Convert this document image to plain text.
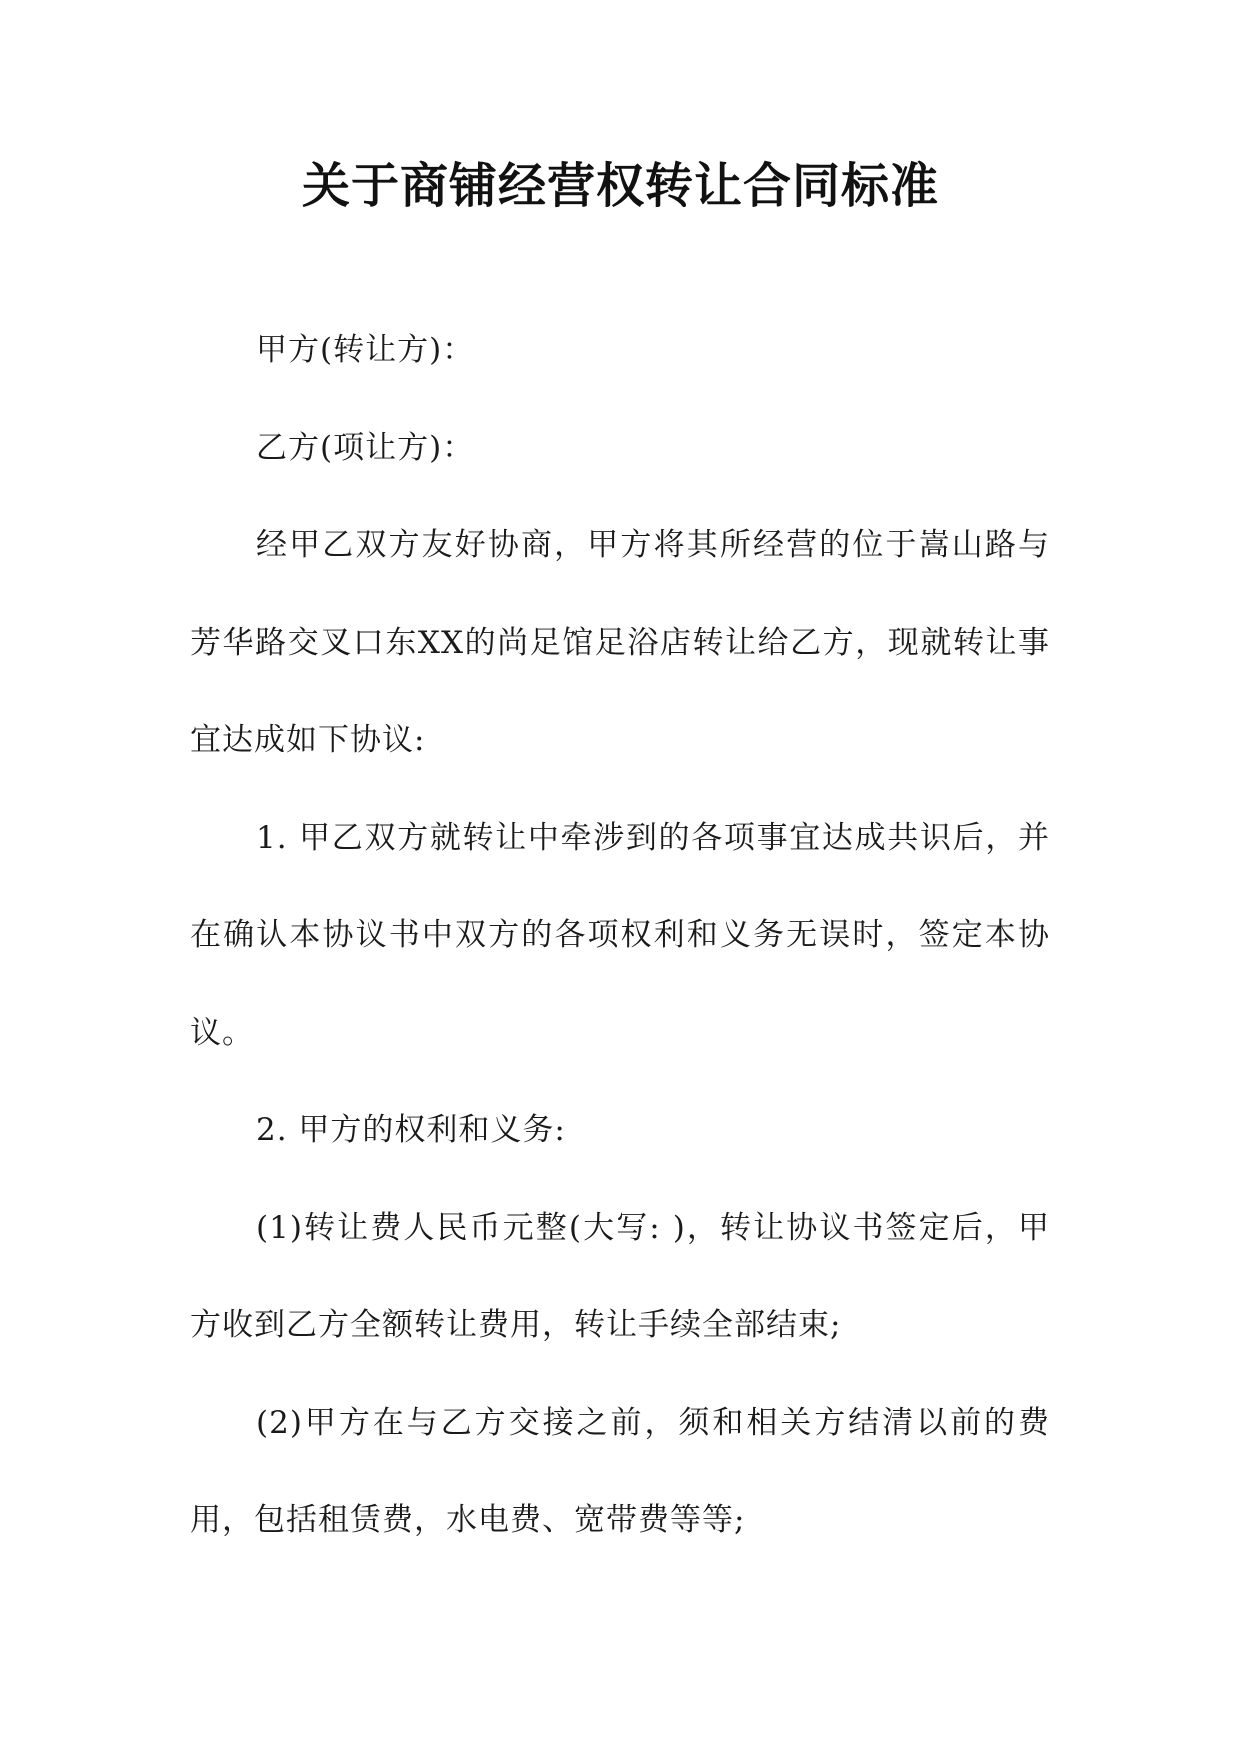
关于商铺经营权转让合同标准

甲方(转让方)：

乙方(项让方)：

经甲乙双方友好协商，甲方将其所经营的位于嵩山路与芳华路交叉口东XX的尚足馆足浴店转让给乙方，现就转让事宜达成如下协议:

1. 甲乙双方就转让中牵涉到的各项事宜达成共识后，并在确认本协议书中双方的各项权利和义务无误时，签定本协议。

2. 甲方的权利和义务:

(1)转让费人民币元整(大写: )，转让协议书签定后，甲方收到乙方全额转让费用，转让手续全部结束;

(2)甲方在与乙方交接之前，须和相关方结清以前的费用，包括租赁费，水电费、宽带费等等;
